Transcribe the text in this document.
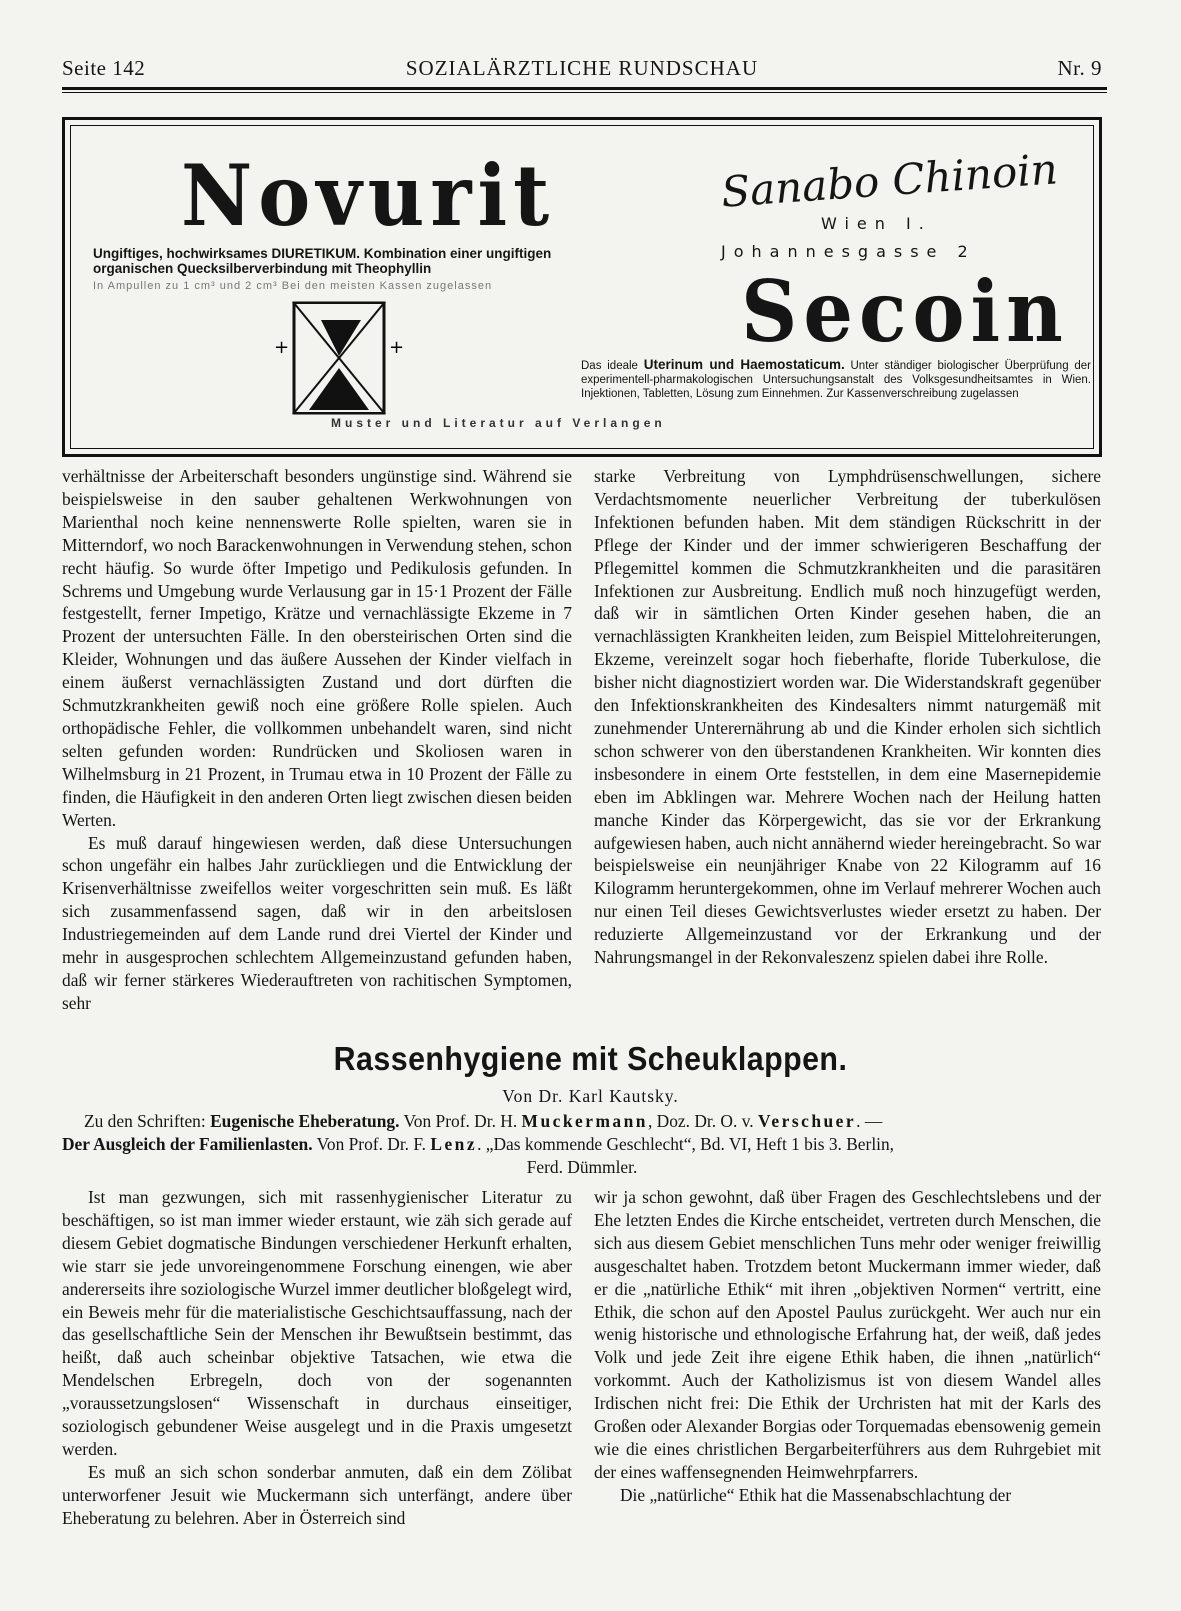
Seite 142	SOZIALÄRZTLICHE RUNDSCHAU	Nr. 9
Novurit
Ungiftiges, hochwirksames DIURETIKUM. Kombination einer ungiftigen organischen Quecksilberverbindung mit Theophyllin
In Ampullen zu 1 cm³ und 2 cm³ Bei den meisten Kassen zugelassen
+	+
Sanabo Chinoin
Wien I.
Johannesgasse 2
Secoin
Das ideale Uterinum und Haemostaticum. Unter ständiger biologischer Überprüfung der experimentell-pharmakologischen Untersuchungsanstalt des Volksgesundheitsamtes in Wien. Injektionen, Tabletten, Lösung zum Einnehmen. Zur Kassenverschreibung zugelassen
Muster und Literatur auf Verlangen

verhältnisse der Arbeiterschaft besonders ungünstige sind. Während sie beispielsweise in den sauber gehaltenen Werkwohnungen von Marienthal noch keine nennenswerte Rolle spielten, waren sie in Mitterndorf, wo noch Barackenwohnungen in Verwendung stehen, schon recht häufig. So wurde öfter Impetigo und Pedikulosis gefunden. In Schrems und Umgebung wurde Verlausung gar in 15·1 Prozent der Fälle festgestellt, ferner Impetigo, Krätze und vernachlässigte Ekzeme in 7 Prozent der untersuchten Fälle. In den obersteirischen Orten sind die Kleider, Wohnungen und das äußere Aussehen der Kinder vielfach in einem äußerst vernachlässigten Zustand und dort dürften die Schmutzkrankheiten gewiß noch eine größere Rolle spielen. Auch orthopädische Fehler, die vollkommen unbehandelt waren, sind nicht selten gefunden worden: Rundrücken und Skoliosen waren in Wilhelmsburg in 21 Prozent, in Trumau etwa in 10 Prozent der Fälle zu finden, die Häufigkeit in den anderen Orten liegt zwischen diesen beiden Werten.

Es muß darauf hingewiesen werden, daß diese Untersuchungen schon ungefähr ein halbes Jahr zurückliegen und die Entwicklung der Krisenverhältnisse zweifellos weiter vorgeschritten sein muß. Es läßt sich zusammenfassend sagen, daß wir in den arbeitslosen Industriegemeinden auf dem Lande rund drei Viertel der Kinder und mehr in ausgesprochen schlechtem Allgemeinzustand gefunden haben, daß wir ferner stärkeres Wiederauftreten von rachitischen Symptomen, sehr

starke Verbreitung von Lymphdrüsenschwellungen, sichere Verdachtsmomente neuerlicher Verbreitung der tuberkulösen Infektionen befunden haben. Mit dem ständigen Rückschritt in der Pflege der Kinder und der immer schwierigeren Beschaffung der Pflegemittel kommen die Schmutzkrankheiten und die parasitären Infektionen zur Ausbreitung. Endlich muß noch hinzugefügt werden, daß wir in sämtlichen Orten Kinder gesehen haben, die an vernachlässigten Krankheiten leiden, zum Beispiel Mittelohreiterungen, Ekzeme, vereinzelt sogar hoch fieberhafte, floride Tuberkulose, die bisher nicht diagnostiziert worden war. Die Widerstandskraft gegenüber den Infektionskrankheiten des Kindesalters nimmt naturgemäß mit zunehmender Unterernährung ab und die Kinder erholen sich sichtlich schon schwerer von den überstandenen Krankheiten. Wir konnten dies insbesondere in einem Orte feststellen, in dem eine Masernepidemie eben im Abklingen war. Mehrere Wochen nach der Heilung hatten manche Kinder das Körpergewicht, das sie vor der Erkrankung aufgewiesen haben, auch nicht annähernd wieder hereingebracht. So war beispielsweise ein neunjähriger Knabe von 22 Kilogramm auf 16 Kilogramm heruntergekommen, ohne im Verlauf mehrerer Wochen auch nur einen Teil dieses Gewichtsverlustes wieder ersetzt zu haben. Der reduzierte Allgemeinzustand vor der Erkrankung und der Nahrungsmangel in der Rekonvaleszenz spielen dabei ihre Rolle.

Rassenhygiene mit Scheuklappen.
Von Dr. Karl Kautsky.
Zu den Schriften: Eugenische Eheberatung. Von Prof. Dr. H. Muckermann, Doz. Dr. O. v. Verschuer. —
Der Ausgleich der Familienlasten. Von Prof. Dr. F. Lenz. „Das kommende Geschlecht“, Bd. VI, Heft 1 bis 3. Berlin,
Ferd. Dümmler.

Ist man gezwungen, sich mit rassenhygienischer Literatur zu beschäftigen, so ist man immer wieder erstaunt, wie zäh sich gerade auf diesem Gebiet dogmatische Bindungen verschiedener Herkunft erhalten, wie starr sie jede unvoreingenommene Forschung einengen, wie aber andererseits ihre soziologische Wurzel immer deutlicher bloßgelegt wird, ein Beweis mehr für die materialistische Geschichtsauffassung, nach der das gesellschaftliche Sein der Menschen ihr Bewußtsein bestimmt, das heißt, daß auch scheinbar objektive Tatsachen, wie etwa die Mendelschen Erbregeln, doch von der sogenannten „voraussetzungslosen“ Wissenschaft in durchaus einseitiger, soziologisch gebundener Weise ausgelegt und in die Praxis umgesetzt werden.

Es muß an sich schon sonderbar anmuten, daß ein dem Zölibat unterworfener Jesuit wie Muckermann sich unterfängt, andere über Eheberatung zu belehren. Aber in Österreich sind

wir ja schon gewohnt, daß über Fragen des Geschlechtslebens und der Ehe letzten Endes die Kirche entscheidet, vertreten durch Menschen, die sich aus diesem Gebiet menschlichen Tuns mehr oder weniger freiwillig ausgeschaltet haben. Trotzdem betont Muckermann immer wieder, daß er die „natürliche Ethik“ mit ihren „objektiven Normen“ vertritt, eine Ethik, die schon auf den Apostel Paulus zurückgeht. Wer auch nur ein wenig historische und ethnologische Erfahrung hat, der weiß, daß jedes Volk und jede Zeit ihre eigene Ethik haben, die ihnen „natürlich“ vorkommt. Auch der Katholizismus ist von diesem Wandel alles Irdischen nicht frei: Die Ethik der Urchristen hat mit der Karls des Großen oder Alexander Borgias oder Torquemadas ebensowenig gemein wie die eines christlichen Bergarbeiterführers aus dem Ruhrgebiet mit der eines waffensegnenden Heimwehrpfarrers.

Die „natürliche“ Ethik hat die Massenabschlachtung der
